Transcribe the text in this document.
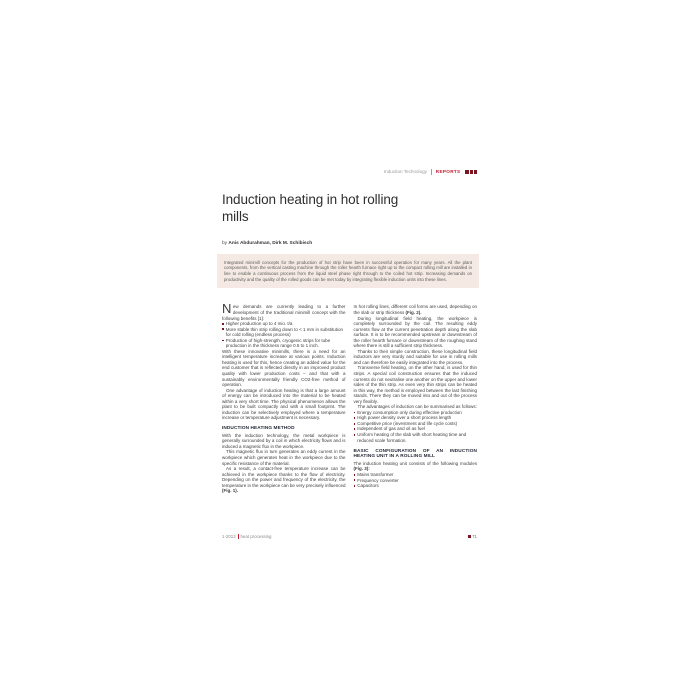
Induction Technology REPORTS
Induction heating in hot rolling mills
by Anis Abdurahman, Dirk M. Schibisch
Integrated minimill concepts for the production of hot strip have been in successful operation for many years. All the plant components, from the vertical casting machine through the roller hearth furnace right up to the compact rolling mill are installed in line to enable a continuous process from the liquid steel phase right through to the coiled hot strip. Increasing demands on productivity and the quality of the rolled goods can be met today by integrating flexible induction units into these lines.

New demands are currently leading to a further development of the traditional minimill concept with the following benefits [1]:

Higher production up to 4 mio. t/a
More stable thin strip rolling down to < 1 mm in substitution for cold rolling (endless process)
Production of high-strength, cryogenic strips for tube production in the thickness range 0.5 to 1 inch.

With these innovative minimills, there is a need for an intelligent temperature increase at various points. Induction heating is used for this, hence creating an added value for the end customer that is reflected directly in an improved product quality with lower production costs – and that with a sustainably environmentally friendly CO2-free method of operation.

One advantage of induction heating is that a large amount of energy can be introduced into the material to be heated within a very short time. The physical phenomenon allows the plant to be built compactly and with a small footprint. The induction can be selectively employed where a temperature increase or temperature adjustment is necessary.

INDUCTION HEATING METHOD

With the induction technology, the metal workpiece is generally surrounded by a coil in which electricity flows and is induced a magnetic flux in the workpiece.

This magnetic flux in turn generates an eddy current in the workpiece which generates heat in the workpiece due to the specific resistance of the material.

As a result, a contact-free temperature increase can be achieved in the workpiece thanks to the flow of electricity. Depending on the power and frequency of the electricity, the temperature in the workpiece can be very precisely influenced (Fig. 1).

In hot rolling lines, different coil forms are used, depending on the slab or strip thickness (Fig. 2).

During longitudinal field heating, the workpiece is completely surrounded by the coil. The resulting eddy currents flow at the current penetration depth along the slab surface. It is to be recommended upstream or downstream of the roller hearth furnace or downstream of the roughing stand where there is still a sufficient strip thickness.

Thanks to their simple construction, these longitudinal field inductors are very sturdy and suitable for use in rolling mills and can therefore be easily integrated into the process.

Transverse field heating, on the other hand, is used for thin strips. A special coil construction ensures that the induced currents do not neutralise one another on the upper and lower sides of the thin strip. As even very thin strips can be heated in this way, the method is employed between the last finishing stands. There they can be moved into and out of the process very flexibly.

The advantages of induction can be summarised as follows:

Energy consumption only during effective production
High power density over a short process length
Competitive price (investment and life cycle costs)
Independent of gas and oil as fuel
Uniform heating of the slab with short heating time and reduced scale formation.
BASIC CONFIGURATION OF AN INDUCTION HEATING UNIT IN A ROLLING MILL

The induction heating unit consists of the following modules (Fig. 3):

Mains transformer
Frequency converter
Capacitors
1-2013 heat processing	71
